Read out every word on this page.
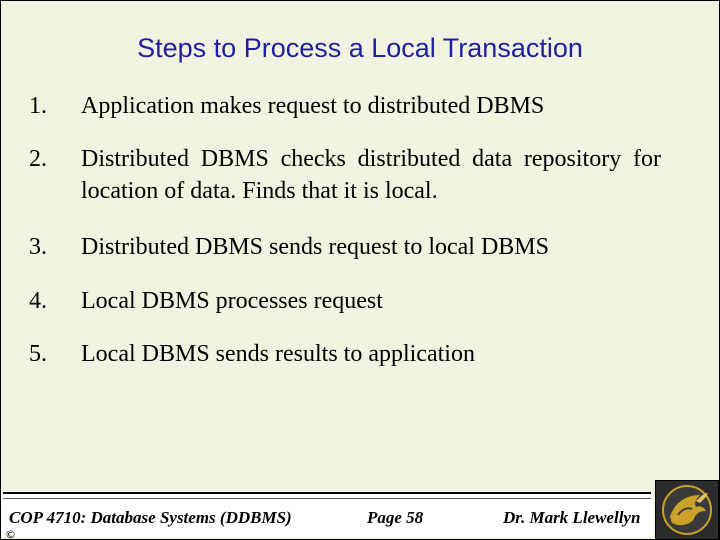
Steps to Process a Local Transaction
1.	Application makes request to distributed DBMS
2.	Distributed DBMS checks distributed data repository for location of data. Finds that it is local.
3.	Distributed DBMS sends request to local DBMS
4.	Local DBMS processes request
5.	Local DBMS sends results to application
COP 4710: Database Systems (DDBMS)	Page 58	Dr. Mark Llewellyn
©
